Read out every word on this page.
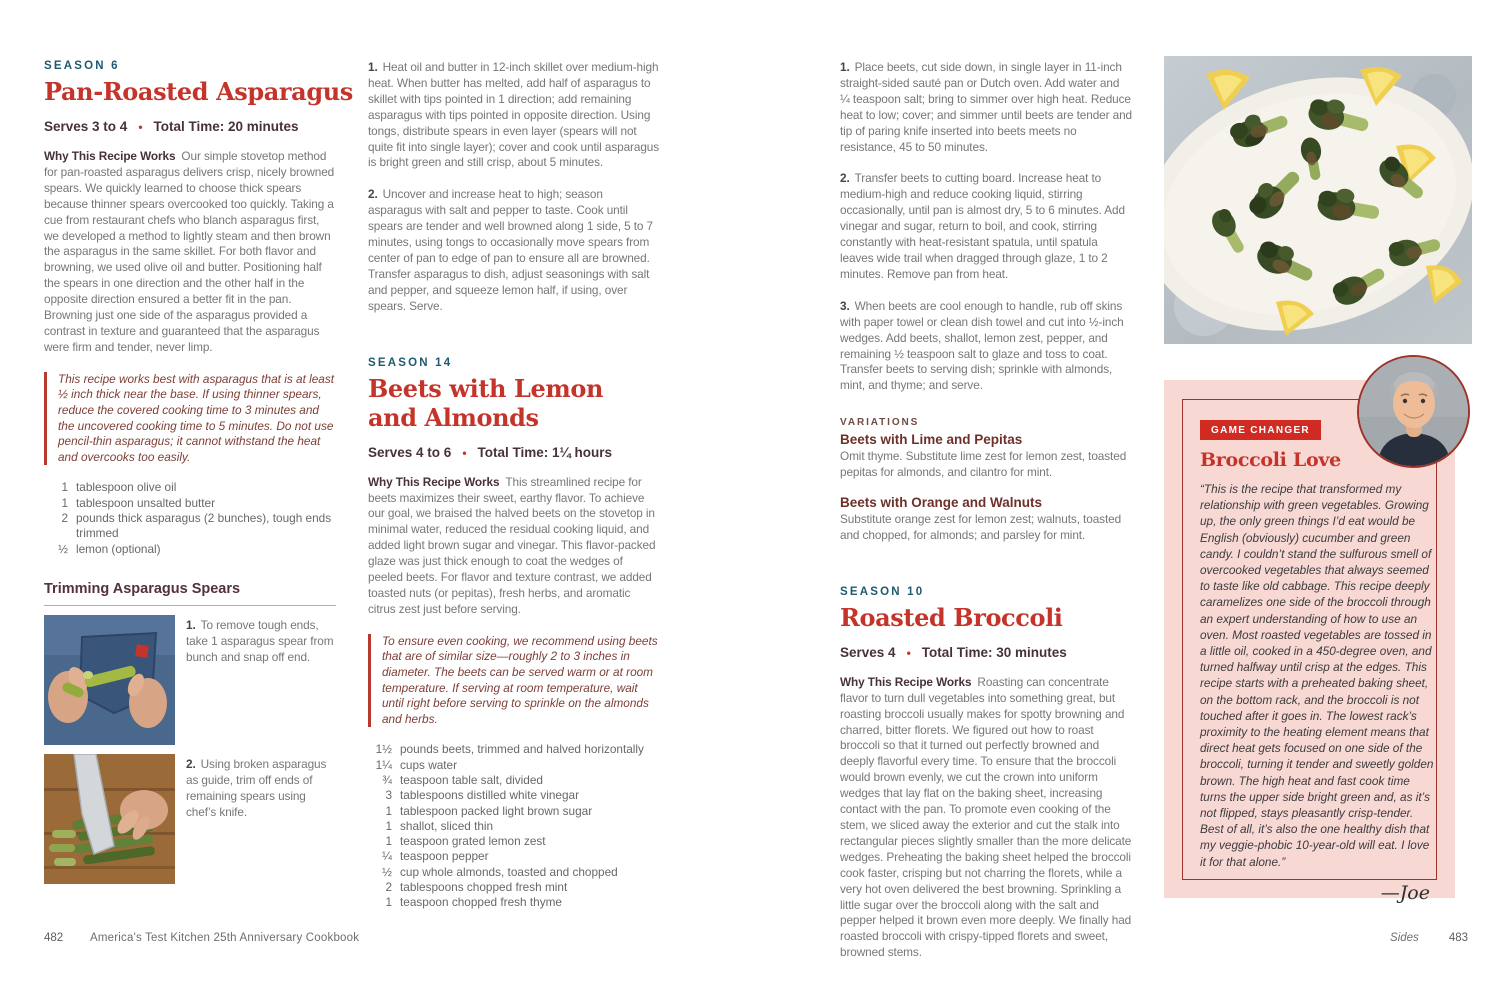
SEASON 6
Pan-Roasted Asparagus
Serves 3 to 4 • Total Time: 20 minutes

Why This Recipe Works Our simple stovetop method for pan-roasted asparagus delivers crisp, nicely browned spears. We quickly learned to choose thick spears because thinner spears overcooked too quickly. Taking a cue from restaurant chefs who blanch asparagus first, we developed a method to lightly steam and then brown the asparagus in the same skillet. For both flavor and browning, we used olive oil and butter. Positioning half the spears in one direction and the other half in the opposite direction ensured a better fit in the pan. Browning just one side of the asparagus provided a contrast in texture and guaranteed that the asparagus were firm and tender, never limp.

This recipe works best with asparagus that is at least ½ inch thick near the base. If using thinner spears, reduce the covered cooking time to 3 minutes and the uncovered cooking time to 5 minutes. Do not use pencil-thin asparagus; it cannot withstand the heat and overcooks too easily.
1 tablespoon olive oil
1 tablespoon unsalted butter
2 pounds thick asparagus (2 bunches), tough ends trimmed
½ lemon (optional)
Trimming Asparagus Spears

1. To remove tough ends, take 1 asparagus spear from bunch and snap off end.

2. Using broken asparagus as guide, trim off ends of remaining spears using chef’s knife.

1. Heat oil and butter in 12-inch skillet over medium-high heat. When butter has melted, add half of asparagus to skillet with tips pointed in 1 direction; add remaining asparagus with tips pointed in opposite direction. Using tongs, distribute spears in even layer (spears will not quite fit into single layer); cover and cook until asparagus is bright green and still crisp, about 5 minutes.

2. Uncover and increase heat to high; season asparagus with salt and pepper to taste. Cook until spears are tender and well browned along 1 side, 5 to 7 minutes, using tongs to occasionally move spears from center of pan to edge of pan to ensure all are browned. Transfer asparagus to dish, adjust seasonings with salt and pepper, and squeeze lemon half, if using, over spears. Serve.

SEASON 14
Beets with Lemon
and Almonds
Serves 4 to 6 • Total Time: 1¼ hours

Why This Recipe Works This streamlined recipe for beets maximizes their sweet, earthy flavor. To achieve our goal, we braised the halved beets on the stovetop in minimal water, reduced the residual cooking liquid, and added light brown sugar and vinegar. This flavor-packed glaze was just thick enough to coat the wedges of peeled beets. For flavor and texture contrast, we added toasted nuts (or pepitas), fresh herbs, and aromatic citrus zest just before serving.

To ensure even cooking, we recommend using beets that are of similar size—roughly 2 to 3 inches in diameter. The beets can be served warm or at room temperature. If serving at room temperature, wait until right before serving to sprinkle on the almonds and herbs.
1½ pounds beets, trimmed and halved horizontally
1¼ cups water
¾ teaspoon table salt, divided
3 tablespoons distilled white vinegar
1 tablespoon packed light brown sugar
1 shallot, sliced thin
1 teaspoon grated lemon zest
¼ teaspoon pepper
½ cup whole almonds, toasted and chopped
2 tablespoons chopped fresh mint
1 teaspoon chopped fresh thyme

1. Place beets, cut side down, in single layer in 11-inch straight-sided sauté pan or Dutch oven. Add water and ¼ teaspoon salt; bring to simmer over high heat. Reduce heat to low; cover; and simmer until beets are tender and tip of paring knife inserted into beets meets no resistance, 45 to 50 minutes.

2. Transfer beets to cutting board. Increase heat to medium-high and reduce cooking liquid, stirring occasionally, until pan is almost dry, 5 to 6 minutes. Add vinegar and sugar, return to boil, and cook, stirring constantly with heat-resistant spatula, until spatula leaves wide trail when dragged through glaze, 1 to 2 minutes. Remove pan from heat.

3. When beets are cool enough to handle, rub off skins with paper towel or clean dish towel and cut into ½-inch wedges. Add beets, shallot, lemon zest, pepper, and remaining ½ teaspoon salt to glaze and toss to coat. Transfer beets to serving dish; sprinkle with almonds, mint, and thyme; and serve.

VARIATIONS
Beets with Lime and Pepitas

Omit thyme. Substitute lime zest for lemon zest, toasted pepitas for almonds, and cilantro for mint.

Beets with Orange and Walnuts

Substitute orange zest for lemon zest; walnuts, toasted and chopped, for almonds; and parsley for mint.

SEASON 10
Roasted Broccoli
Serves 4 • Total Time: 30 minutes

Why This Recipe Works Roasting can concentrate flavor to turn dull vegetables into something great, but roasting broccoli usually makes for spotty browning and charred, bitter florets. We figured out how to roast broccoli so that it turned out perfectly browned and deeply flavorful every time. To ensure that the broccoli would brown evenly, we cut the crown into uniform wedges that lay flat on the baking sheet, increasing contact with the pan. To promote even cooking of the stem, we sliced away the exterior and cut the stalk into rectangular pieces slightly smaller than the more delicate wedges. Preheating the baking sheet helped the broccoli cook faster, crisping but not charring the florets, while a very hot oven delivered the best browning. Sprinkling a little sugar over the broccoli along with the salt and pepper helped it brown even more deeply. We finally had roasted broccoli with crispy-tipped florets and sweet, browned stems.

GAME CHANGER
Broccoli Love

“This is the recipe that transformed my relationship with green vegetables. Growing up, the only green things I’d eat would be English (obviously) cucumber and green candy. I couldn’t stand the sulfurous smell of overcooked vegetables that always seemed to taste like old cabbage. This recipe deeply caramelizes one side of the broccoli through an expert understanding of how to use an oven. Most roasted vegetables are tossed in a little oil, cooked in a 450-degree oven, and turned halfway until crisp at the edges. This recipe starts with a preheated baking sheet, on the bottom rack, and the broccoli is not touched after it goes in. The lowest rack’s proximity to the heating element means that direct heat gets focused on one side of the broccoli, turning it tender and sweetly golden brown. The high heat and fast cook time turns the upper side bright green and, as it’s not flipped, stays pleasantly crisp-tender. Best of all, it’s also the one healthy dish that my veggie-phobic 10-year-old will eat. I love it for that alone.”

—Joe
482 America's Test Kitchen 25th Anniversary Cookbook	Sides	483
